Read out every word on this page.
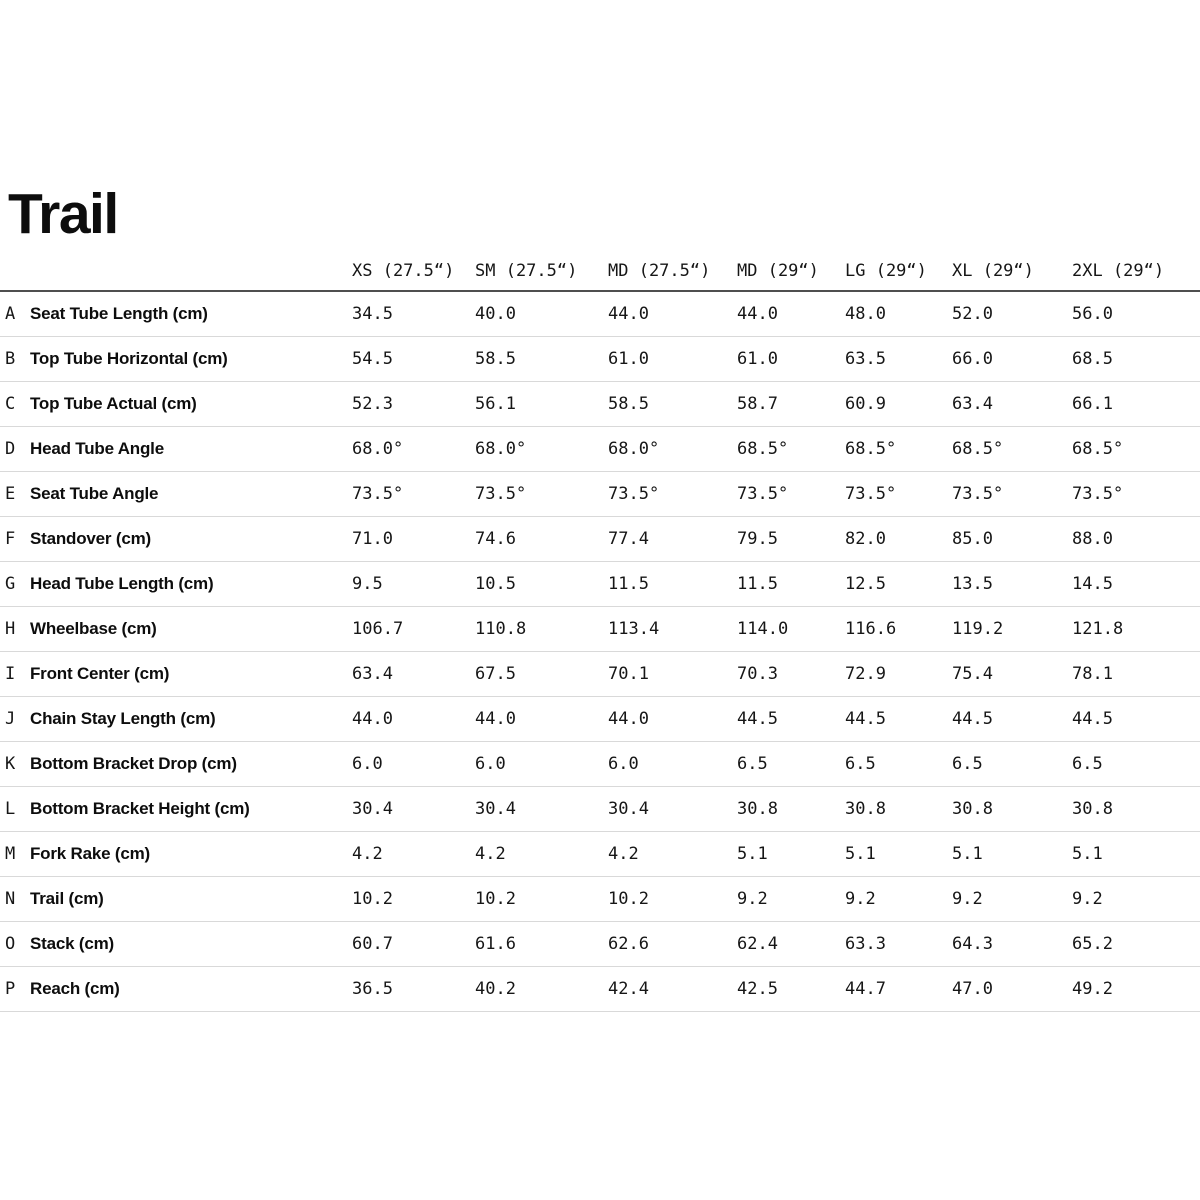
Trail
XS (27.5“)	SM (27.5“)	MD (27.5“)	MD (29“)	LG (29“)	XL (29“)	2XL (29“)
A Seat Tube Length (cm)	34.5	40.0	44.0	44.0	48.0	52.0	56.0
B Top Tube Horizontal (cm)	54.5	58.5	61.0	61.0	63.5	66.0	68.5
C Top Tube Actual (cm)	52.3	56.1	58.5	58.7	60.9	63.4	66.1
D Head Tube Angle	68.0°	68.0°	68.0°	68.5°	68.5°	68.5°	68.5°
E Seat Tube Angle	73.5°	73.5°	73.5°	73.5°	73.5°	73.5°	73.5°
F Standover (cm)	71.0	74.6	77.4	79.5	82.0	85.0	88.0
G Head Tube Length (cm)	9.5	10.5	11.5	11.5	12.5	13.5	14.5
H Wheelbase (cm)	106.7	110.8	113.4	114.0	116.6	119.2	121.8
I Front Center (cm)	63.4	67.5	70.1	70.3	72.9	75.4	78.1
J Chain Stay Length (cm)	44.0	44.0	44.0	44.5	44.5	44.5	44.5
K Bottom Bracket Drop (cm)	6.0	6.0	6.0	6.5	6.5	6.5	6.5
L Bottom Bracket Height (cm)	30.4	30.4	30.4	30.8	30.8	30.8	30.8
M Fork Rake (cm)	4.2	4.2	4.2	5.1	5.1	5.1	5.1
N Trail (cm)	10.2	10.2	10.2	9.2	9.2	9.2	9.2
O Stack (cm)	60.7	61.6	62.6	62.4	63.3	64.3	65.2
P Reach (cm)	36.5	40.2	42.4	42.5	44.7	47.0	49.2
